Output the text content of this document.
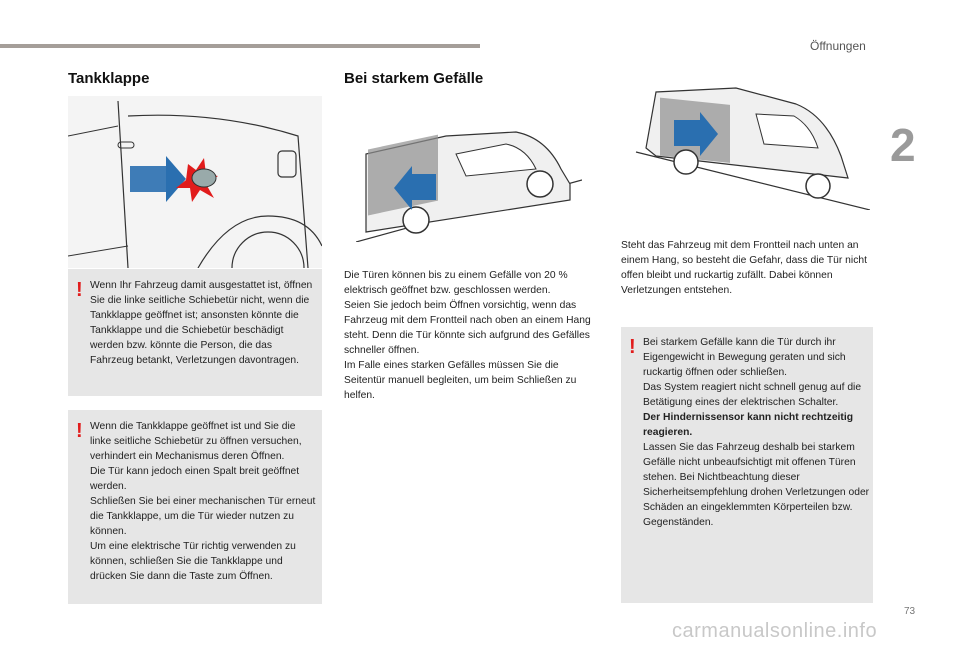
Öffnungen
2
Tankklappe
! Wenn Ihr Fahrzeug damit ausgestattet ist, öffnen Sie die linke seitliche Schiebetür nicht, wenn die Tankklappe geöffnet ist; ansonsten könnte die Tankklappe und die Schiebetür beschädigt werden bzw. könnte die Person, die das Fahrzeug betankt, Verletzungen davontragen.
! Wenn die Tankklappe geöffnet ist und Sie die linke seitliche Schiebetür zu öffnen versuchen, verhindert ein Mechanismus deren Öffnen.
Die Tür kann jedoch einen Spalt breit geöffnet werden.
Schließen Sie bei einer mechanischen Tür erneut die Tankklappe, um die Tür wieder nutzen zu können.
Um eine elektrische Tür richtig verwenden zu können, schließen Sie die Tankklappe und drücken Sie dann die Taste zum Öffnen.
Bei starkem Gefälle
Die Türen können bis zu einem Gefälle von 20 % elektrisch geöffnet bzw. geschlossen werden.
Seien Sie jedoch beim Öffnen vorsichtig, wenn das Fahrzeug mit dem Frontteil nach oben an einem Hang steht. Denn die Tür könnte sich aufgrund des Gefälles schneller öffnen.
Im Falle eines starken Gefälles müssen Sie die Seitentür manuell begleiten, um beim Schließen zu helfen.
Steht das Fahrzeug mit dem Frontteil nach unten an einem Hang, so besteht die Gefahr, dass die Tür nicht offen bleibt und ruckartig zufällt. Dabei können Verletzungen entstehen.
! Bei starkem Gefälle kann die Tür durch ihr Eigengewicht in Bewegung geraten und sich ruckartig öffnen oder schließen.
Das System reagiert nicht schnell genug auf die Betätigung eines der elektrischen Schalter.
Der Hindernissensor kann nicht rechtzeitig reagieren.
Lassen Sie das Fahrzeug deshalb bei starkem Gefälle nicht unbeaufsichtigt mit offenen Türen stehen. Bei Nichtbeachtung dieser Sicherheitsempfehlung drohen Verletzungen oder Schäden an eingeklemmten Körperteilen bzw. Gegenständen.
73
carmanualsonline.info
